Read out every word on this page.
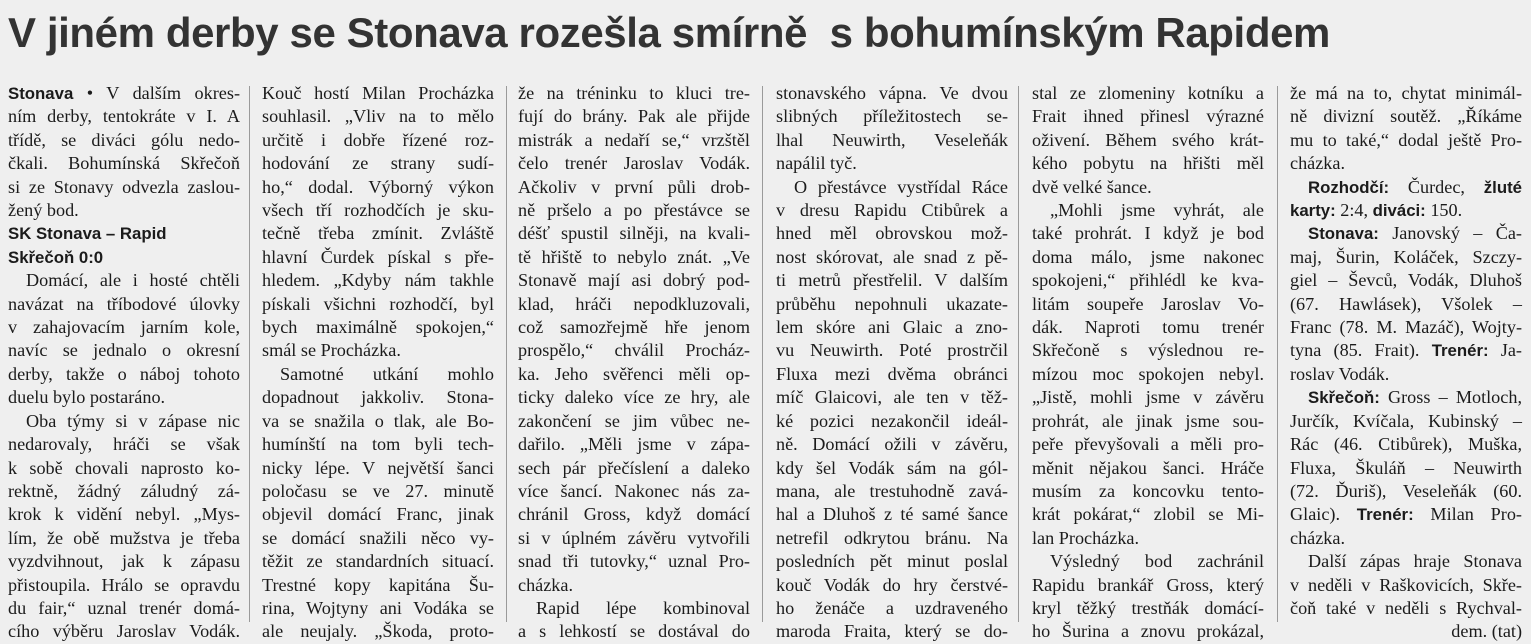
V jiném derby se Stonava rozešla smírně  s bohumínským Rapidem
Stonava • V dalším okres-
ním derby, tentokráte v I. A
třídě, se diváci gólu nedo-
čkali. Bohumínská Skřečoň
si ze Stonavy odvezla zaslou-
žený bod.
SK Stonava – Rapid
Skřečoň 0:0
Domácí, ale i hosté chtěli
navázat na tříbodové úlovky
v zahajovacím jarním kole,
navíc se jednalo o okresní
derby, takže o náboj tohoto
duelu bylo postaráno.
Oba týmy si v zápase nic
nedarovaly, hráči se však
k sobě chovali naprosto ko-
rektně, žádný záludný zá-
krok k vidění nebyl. „Mys-
lím, že obě mužstva je třeba
vyzdvihnout, jak k zápasu
přistoupila. Hrálo se opravdu
du fair,“ uznal trenér domá-
cího výběru Jaroslav Vodák.
Kouč hostí Milan Procházka
souhlasil. „Vliv na to mělo
určitě i dobře řízené roz-
hodování ze strany sudí-
ho,“ dodal. Výborný výkon
všech tří rozhodčích je sku-
tečně třeba zmínit. Zvláště
hlavní Čurdek pískal s pře-
hledem. „Kdyby nám takhle
pískali všichni rozhodčí, byl
bych maximálně spokojen,“
smál se Procházka.
Samotné utkání mohlo
dopadnout jakkoliv. Stona-
va se snažila o tlak, ale Bo-
humínští na tom byli tech-
nicky lépe. V největší šanci
poločasu se ve 27. minutě
objevil domácí Franc, jinak
se domácí snažili něco vy-
těžit ze standardních situací.
Trestné kopy kapitána Šu-
rina, Wojtyny ani Vodáka se
ale neujaly. „Škoda, proto-
že na tréninku to kluci tre-
fují do brány. Pak ale přijde
mistrák a nedaří se,“ vrzštěl
čelo trenér Jaroslav Vodák.
Ačkoliv v první půli drob-
ně pršelo a po přestávce se
déšť spustil silněji, na kvali-
tě hřiště to nebylo znát. „Ve
Stonavě mají asi dobrý pod-
klad, hráči nepodkluzovali,
což samozřejmě hře jenom
prospělo,“ chválil Procház-
ka. Jeho svěřenci měli op-
ticky daleko více ze hry, ale
zakončení se jim vůbec ne-
dařilo. „Měli jsme v zápa-
sech pár přečíslení a daleko
více šancí. Nakonec nás za-
chránil Gross, když domácí
si v úplném závěru vytvořili
snad tři tutovky,“ uznal Pro-
cházka.
Rapid lépe kombinoval
a s lehkostí se dostával do
stonavského vápna. Ve dvou
slibných příležitostech se-
lhal Neuwirth, Veseleňák
napálil tyč.
O přestávce vystřídal Ráce
v dresu Rapidu Ctibůrek a
hned měl obrovskou mož-
nost skórovat, ale snad z pě-
ti metrů přestřelil. V dalším
průběhu nepohnuli ukazate-
lem skóre ani Glaic a zno-
vu Neuwirth. Poté prostrčil
Fluxa mezi dvěma obránci
míč Glaicovi, ale ten v těž-
ké pozici nezakončil ideál-
ně. Domácí ožili v závěru,
kdy šel Vodák sám na gól-
mana, ale trestuhodně zavá-
hal a Dluhoš z té samé šance
netrefil odkrytou bránu. Na
posledních pět minut poslal
kouč Vodák do hry čerstvé-
ho ženáče a uzdraveného
maroda Fraita, který se do-
stal ze zlomeniny kotníku a
Frait ihned přinesl výrazné
oživení. Během svého krát-
kého pobytu na hřišti měl
dvě velké šance.
„Mohli jsme vyhrát, ale
také prohrát. I když je bod
doma málo, jsme nakonec
spokojeni,“ přihlédl ke kva-
litám soupeře Jaroslav Vo-
dák. Naproti tomu trenér
Skřečoně s výslednou re-
mízou moc spokojen nebyl.
„Jistě, mohli jsme v závěru
prohrát, ale jinak jsme sou-
peře převyšovali a měli pro-
měnit nějakou šanci. Hráče
musím za koncovku tento-
krát pokárat,“ zlobil se Mi-
lan Procházka.
Výsledný bod zachránil
Rapidu brankář Gross, který
kryl těžký trestňák domácí-
ho Šurina a znovu prokázal,
že má na to, chytat minimál-
ně divizní soutěž. „Říkáme
mu to také,“ dodal ještě Pro-
cházka.
Rozhodčí: Čurdec, žluté
karty: 2:4, diváci: 150.
Stonava: Janovský – Ča-
maj, Šurin, Koláček, Szczy-
giel – Ševců, Vodák, Dluhoš
(67. Hawlásek), Všolek –
Franc (78. M. Mazáč), Wojty-
tyna (85. Frait). Trenér: Ja-
roslav Vodák.
Skřečoň: Gross – Motloch,
Jurčík, Kvíčala, Kubinský –
Rác (46. Ctibůrek), Muška,
Fluxa, Škuláň – Neuwirth
(72. Ďuriš), Veseleňák (60.
Glaic). Trenér: Milan Pro-
cházka.
Další zápas hraje Stonava
v neděli v Raškovicích, Skře-
čoň také v neděli s Rychval-
dem. (tat)
